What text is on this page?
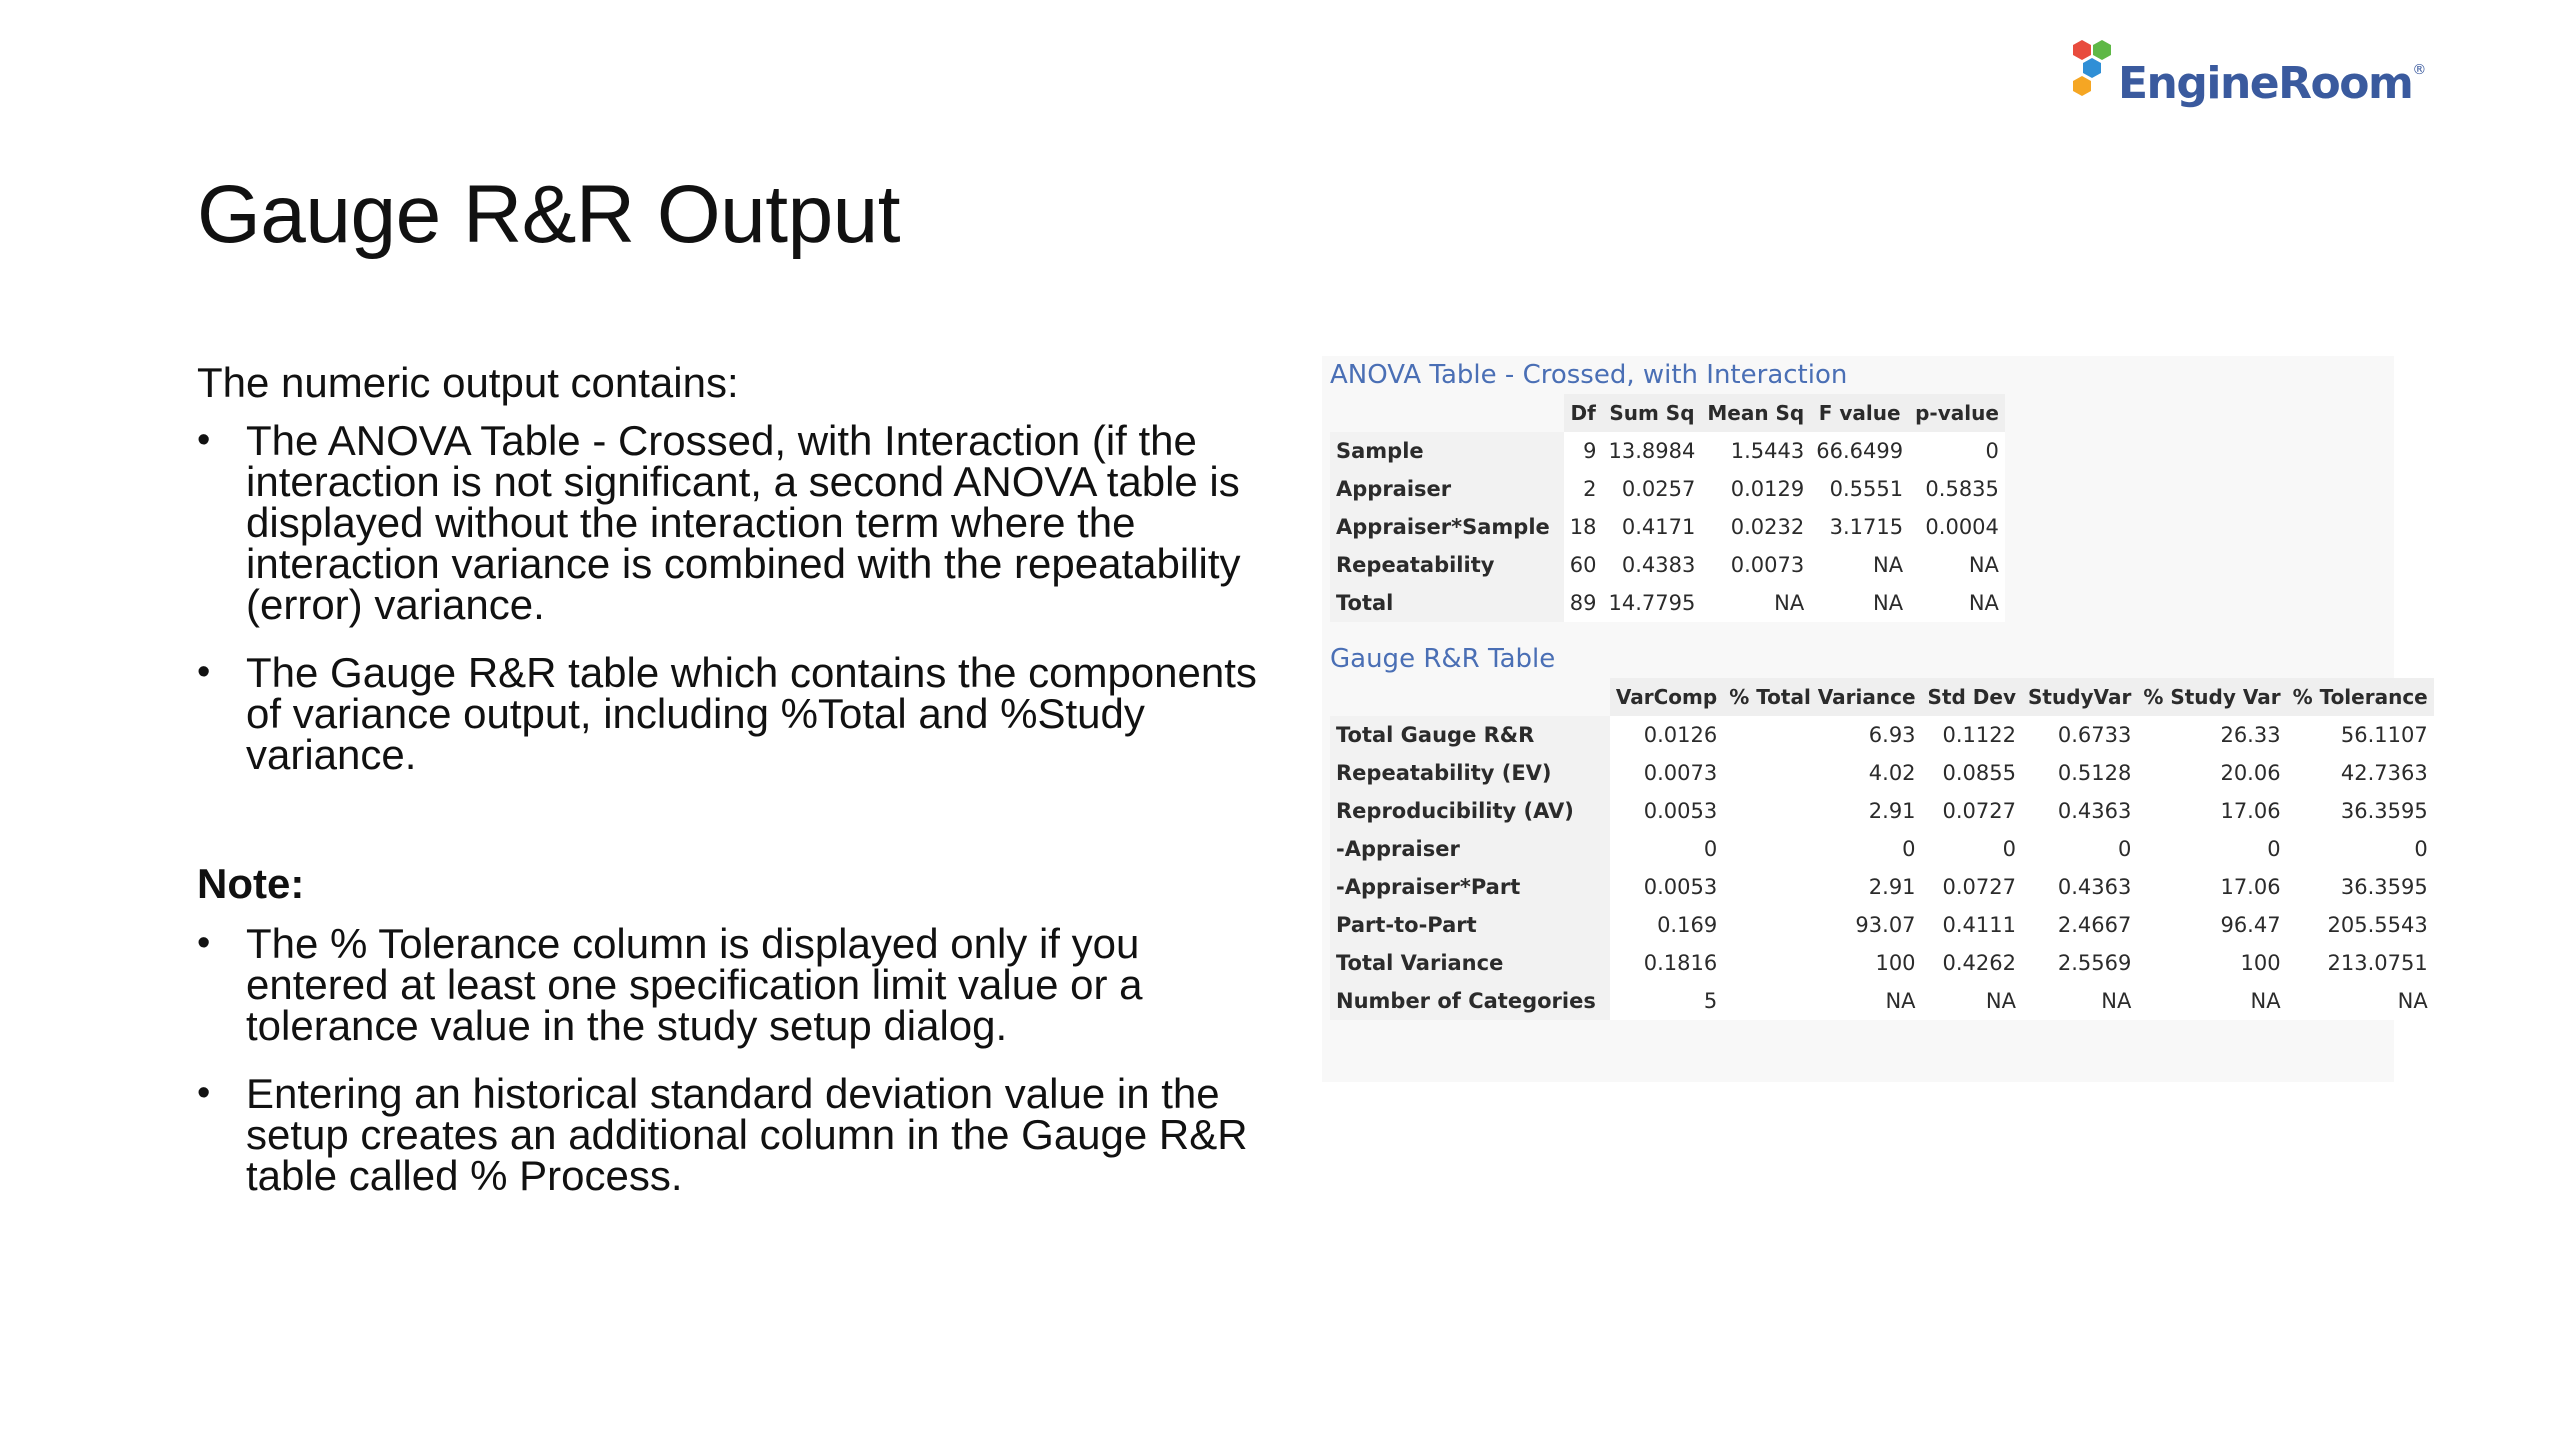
EngineRoom®
Gauge R&R Output
The numeric output contains:
• The ANOVA Table - Crossed, with Interaction (if the interaction is not significant, a second ANOVA table is displayed without the interaction term where the interaction variance is combined with the repeatability (error) variance.
• The Gauge R&R table which contains the components of variance output, including %Total and %Study variance.
Note:
• The % Tolerance column is displayed only if you entered at least one specification limit value or a tolerance value in the study setup dialog.
• Entering an historical standard deviation value in the setup creates an additional column in the Gauge R&R table called % Process.
ANOVA Table - Crossed, with Interaction
	Df	Sum Sq	Mean Sq	F value	p-value
Sample	9	13.8984	1.5443	66.6499	0
Appraiser	2	0.0257	0.0129	0.5551	0.5835
Appraiser*Sample	18	0.4171	0.0232	3.1715	0.0004
Repeatability	60	0.4383	0.0073	NA	NA
Total	89	14.7795	NA	NA	NA
Gauge R&R Table
	VarComp	% Total Variance	Std Dev	StudyVar	% Study Var	% Tolerance
Total Gauge R&R	0.0126	6.93	0.1122	0.6733	26.33	56.1107
Repeatability (EV)	0.0073	4.02	0.0855	0.5128	20.06	42.7363
Reproducibility (AV)	0.0053	2.91	0.0727	0.4363	17.06	36.3595
-Appraiser	0	0	0	0	0	0
-Appraiser*Part	0.0053	2.91	0.0727	0.4363	17.06	36.3595
Part-to-Part	0.169	93.07	0.4111	2.4667	96.47	205.5543
Total Variance	0.1816	100	0.4262	2.5569	100	213.0751
Number of Categories	5	NA	NA	NA	NA	NA
